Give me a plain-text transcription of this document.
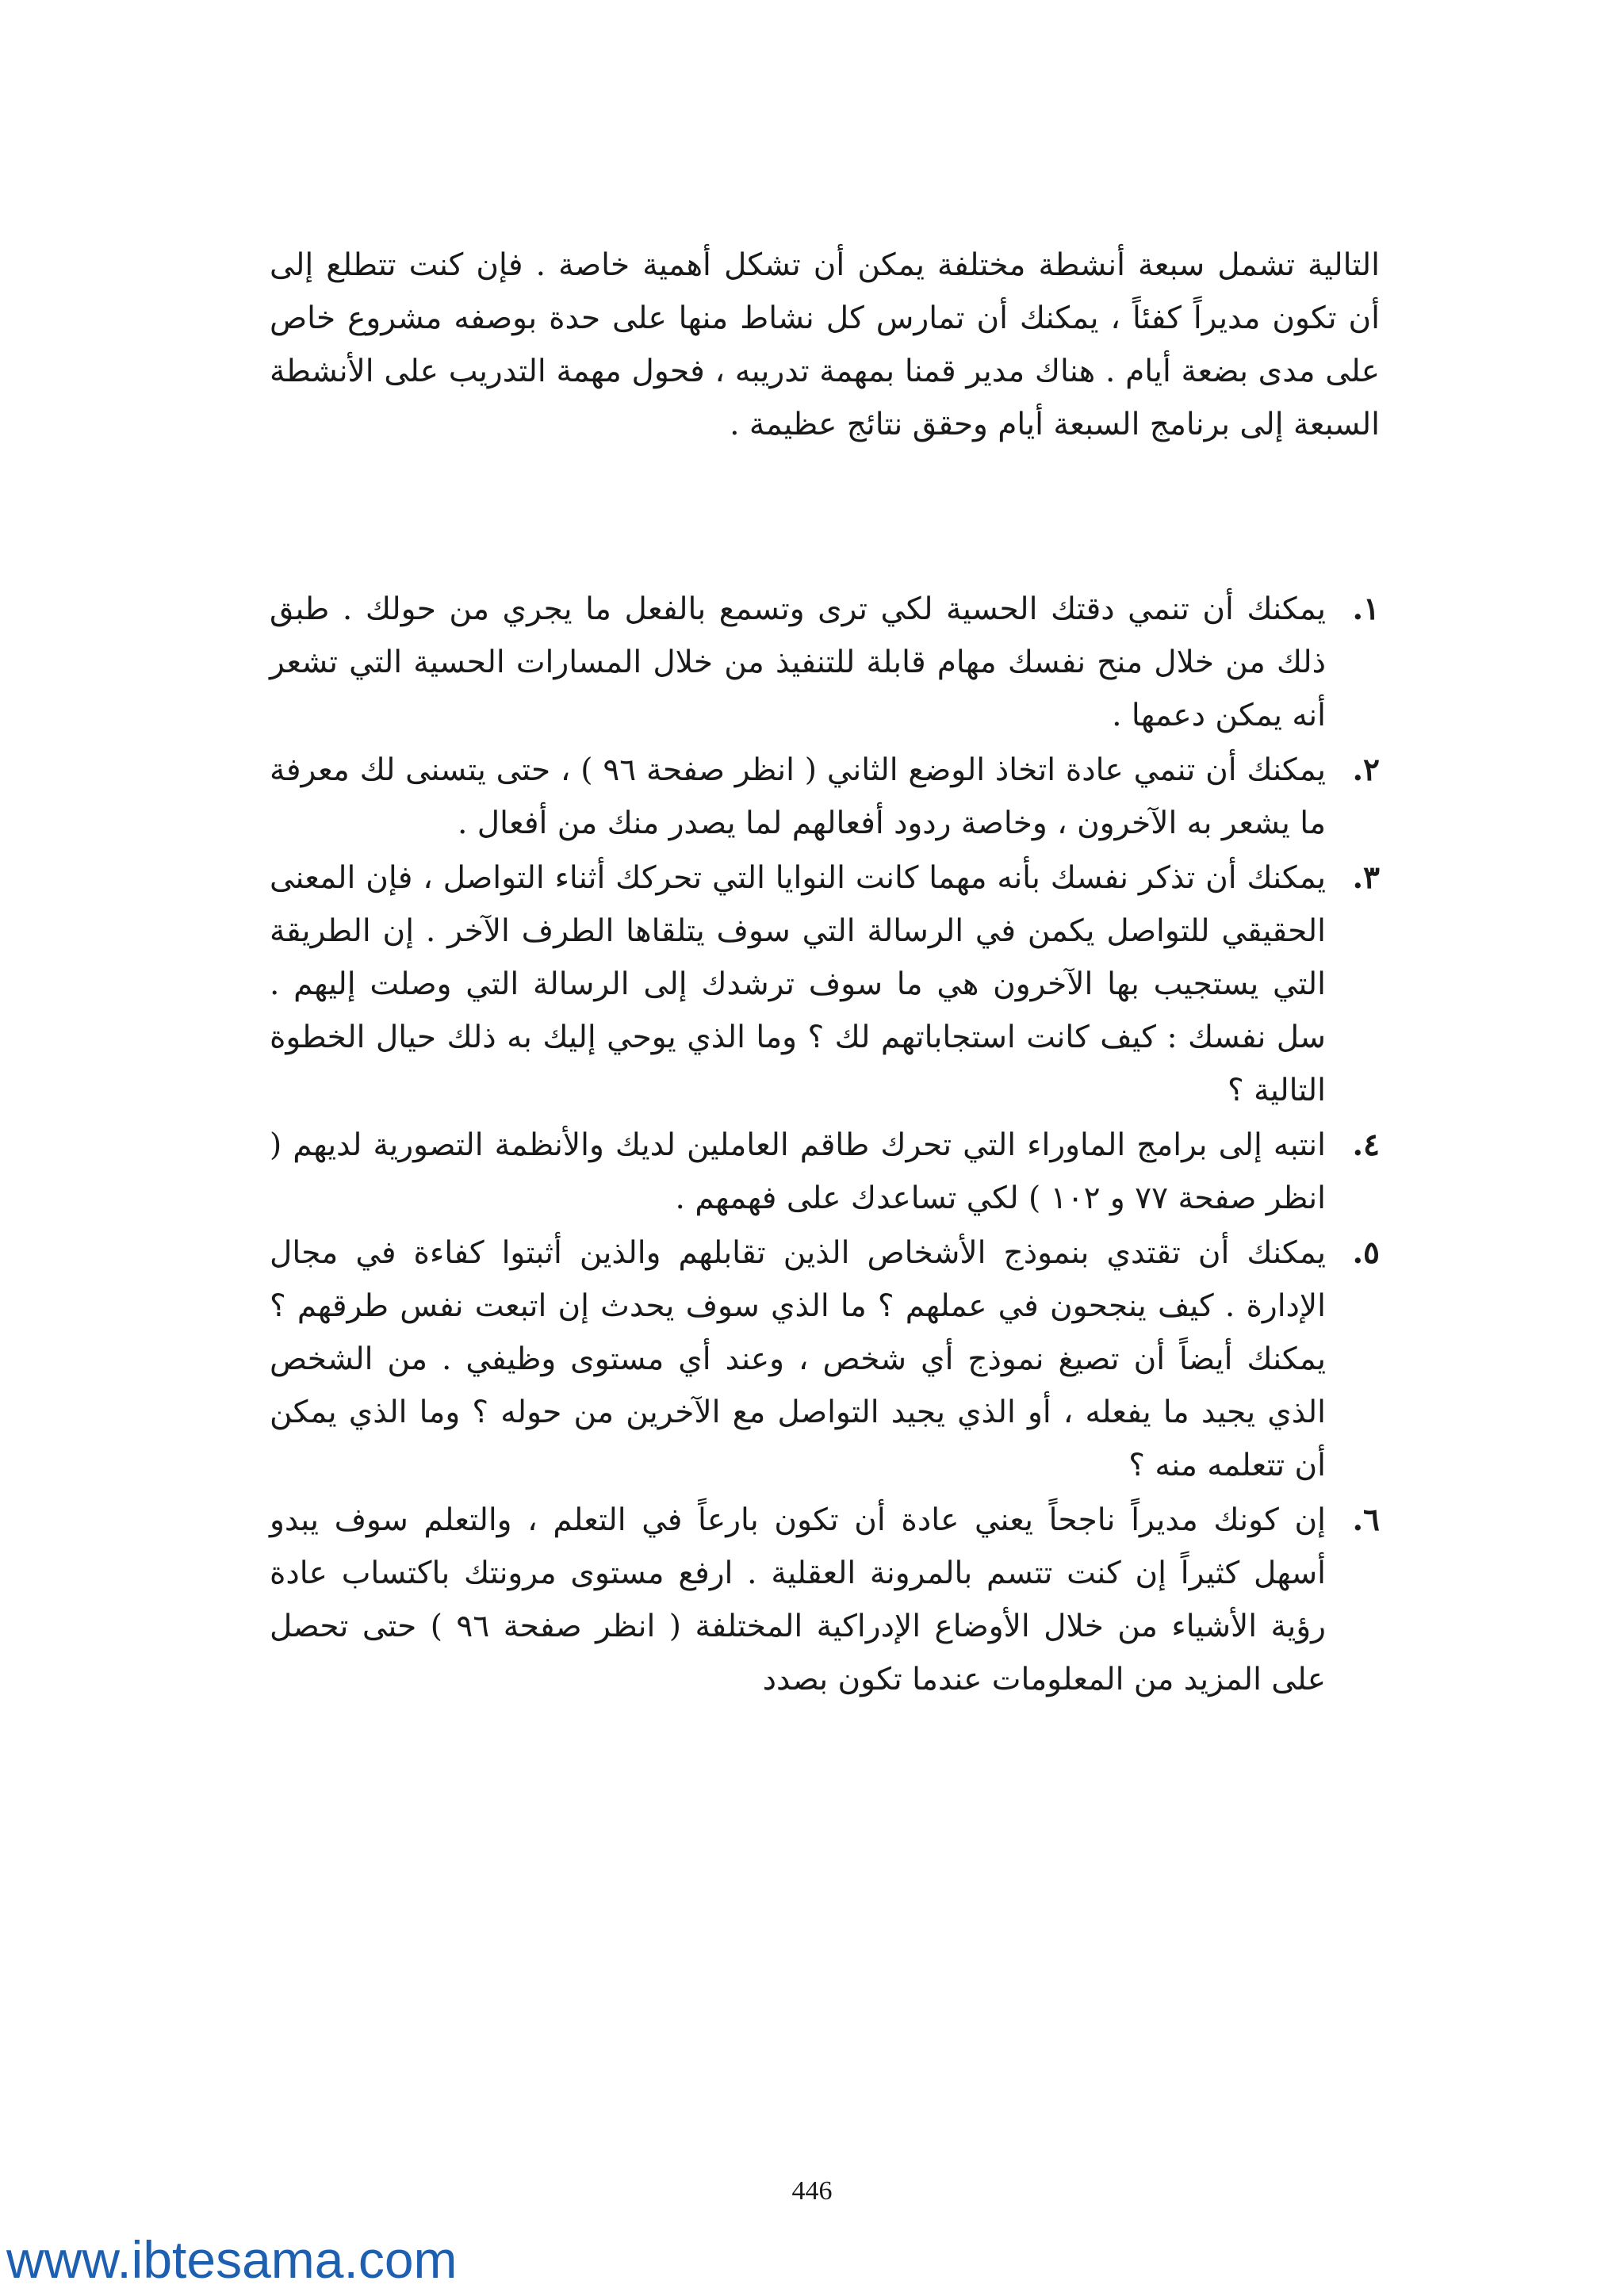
التالية تشمل سبعة أنشطة مختلفة يمكن أن تشكل أهمية خاصة . فإن كنت تتطلع إلى أن تكون مديراً كفئاً ، يمكنك أن تمارس كل نشاط منها على حدة بوصفه مشروع خاص على مدى بضعة أيام . هناك مدير قمنا بمهمة تدريبه ، فحول مهمة التدريب على الأنشطة السبعة إلى برنامج السبعة أيام وحقق نتائج عظيمة .

١.
يمكنك أن تنمي دقتك الحسية لكي ترى وتسمع بالفعل ما يجري من حولك . طبق ذلك من خلال منح نفسك مهام قابلة للتنفيذ من خلال المسارات الحسية التي تشعر أنه يمكن دعمها .
٢.
يمكنك أن تنمي عادة اتخاذ الوضع الثاني ( انظر صفحة ٩٦ ) ، حتى يتسنى لك معرفة ما يشعر به الآخرون ، وخاصة ردود أفعالهم لما يصدر منك من أفعال .
٣.
يمكنك أن تذكر نفسك بأنه مهما كانت النوايا التي تحركك أثناء التواصل ، فإن المعنى الحقيقي للتواصل يكمن في الرسالة التي سوف يتلقاها الطرف الآخر . إن الطريقة التي يستجيب بها الآخرون هي ما سوف ترشدك إلى الرسالة التي وصلت إليهم . سل نفسك : كيف كانت استجاباتهم لك ؟ وما الذي يوحي إليك به ذلك حيال الخطوة التالية ؟
٤.
انتبه إلى برامج الماوراء التي تحرك طاقم العاملين لديك والأنظمة التصورية لديهم ( انظر صفحة ٧٧ و ١٠٢ ) لكي تساعدك على فهمهم .
٥.
يمكنك أن تقتدي بنموذج الأشخاص الذين تقابلهم والذين أثبتوا كفاءة في مجال الإدارة . كيف ينجحون في عملهم ؟ ما الذي سوف يحدث إن اتبعت نفس طرقهم ؟ يمكنك أيضاً أن تصيغ نموذج أي شخص ، وعند أي مستوى وظيفي . من الشخص الذي يجيد ما يفعله ، أو الذي يجيد التواصل مع الآخرين من حوله ؟ وما الذي يمكن أن تتعلمه منه ؟
٦.
إن كونك مديراً ناجحاً يعني عادة أن تكون بارعاً في التعلم ، والتعلم سوف يبدو أسهل كثيراً إن كنت تتسم بالمرونة العقلية . ارفع مستوى مرونتك باكتساب عادة رؤية الأشياء من خلال الأوضاع الإدراكية المختلفة ( انظر صفحة ٩٦ ) حتى تحصل على المزيد من المعلومات عندما تكون بصدد
446
www.ibtesama.com
